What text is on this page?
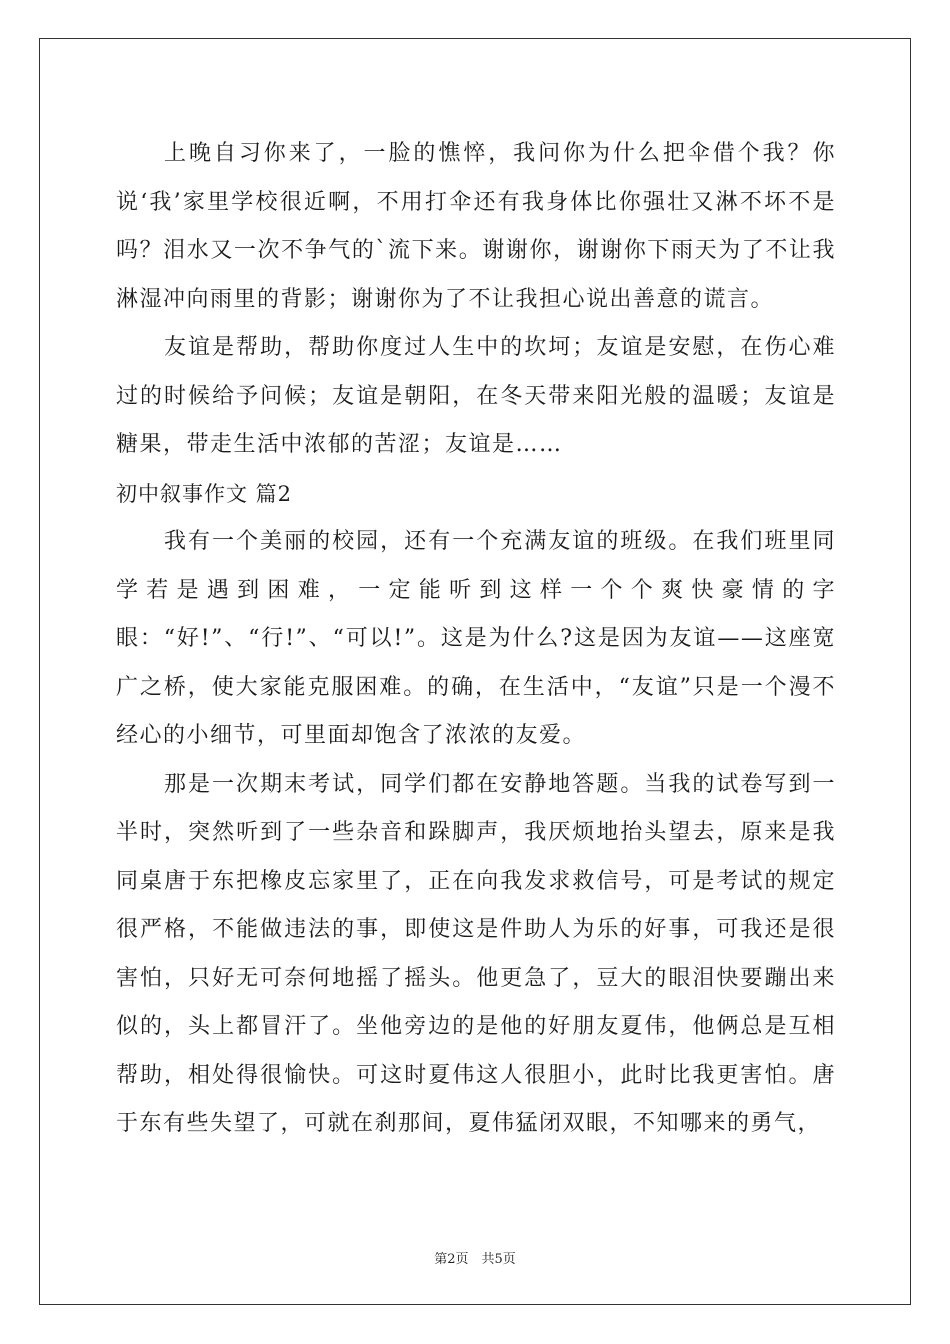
上晚自习你来了，一脸的憔悴，我问你为什么把伞借个我？你说‘我’家里学校很近啊，不用打伞还有我身体比你强壮又淋不坏不是吗？泪水又一次不争气的`流下来。谢谢你，谢谢你下雨天为了不让我淋湿冲向雨里的背影；谢谢你为了不让我担心说出善意的谎言。

友谊是帮助，帮助你度过人生中的坎坷；友谊是安慰，在伤心难过的时候给予问候；友谊是朝阳，在冬天带来阳光般的温暖；友谊是糖果，带走生活中浓郁的苦涩；友谊是……

初中叙事作文 篇2

我有一个美丽的校园，还有一个充满友谊的班级。在我们班里同学若是遇到困难，一定能听到这样一个个爽快豪情的字眼：“好!”、“行!”、“可以!”。这是为什么?这是因为友谊——这座宽广之桥，使大家能克服困难。的确，在生活中，“友谊”只是一个漫不经心的小细节，可里面却饱含了浓浓的友爱。

那是一次期末考试，同学们都在安静地答题。当我的试卷写到一半时，突然听到了一些杂音和跺脚声，我厌烦地抬头望去，原来是我同桌唐于东把橡皮忘家里了，正在向我发求救信号，可是考试的规定很严格，不能做违法的事，即使这是件助人为乐的好事，可我还是很害怕，只好无可奈何地摇了摇头。他更急了，豆大的眼泪快要蹦出来似的，头上都冒汗了。坐他旁边的是他的好朋友夏伟，他俩总是互相帮助，相处得很愉快。可这时夏伟这人很胆小，此时比我更害怕。唐于东有些失望了，可就在刹那间，夏伟猛闭双眼，不知哪来的勇气，

第2页　共5页
